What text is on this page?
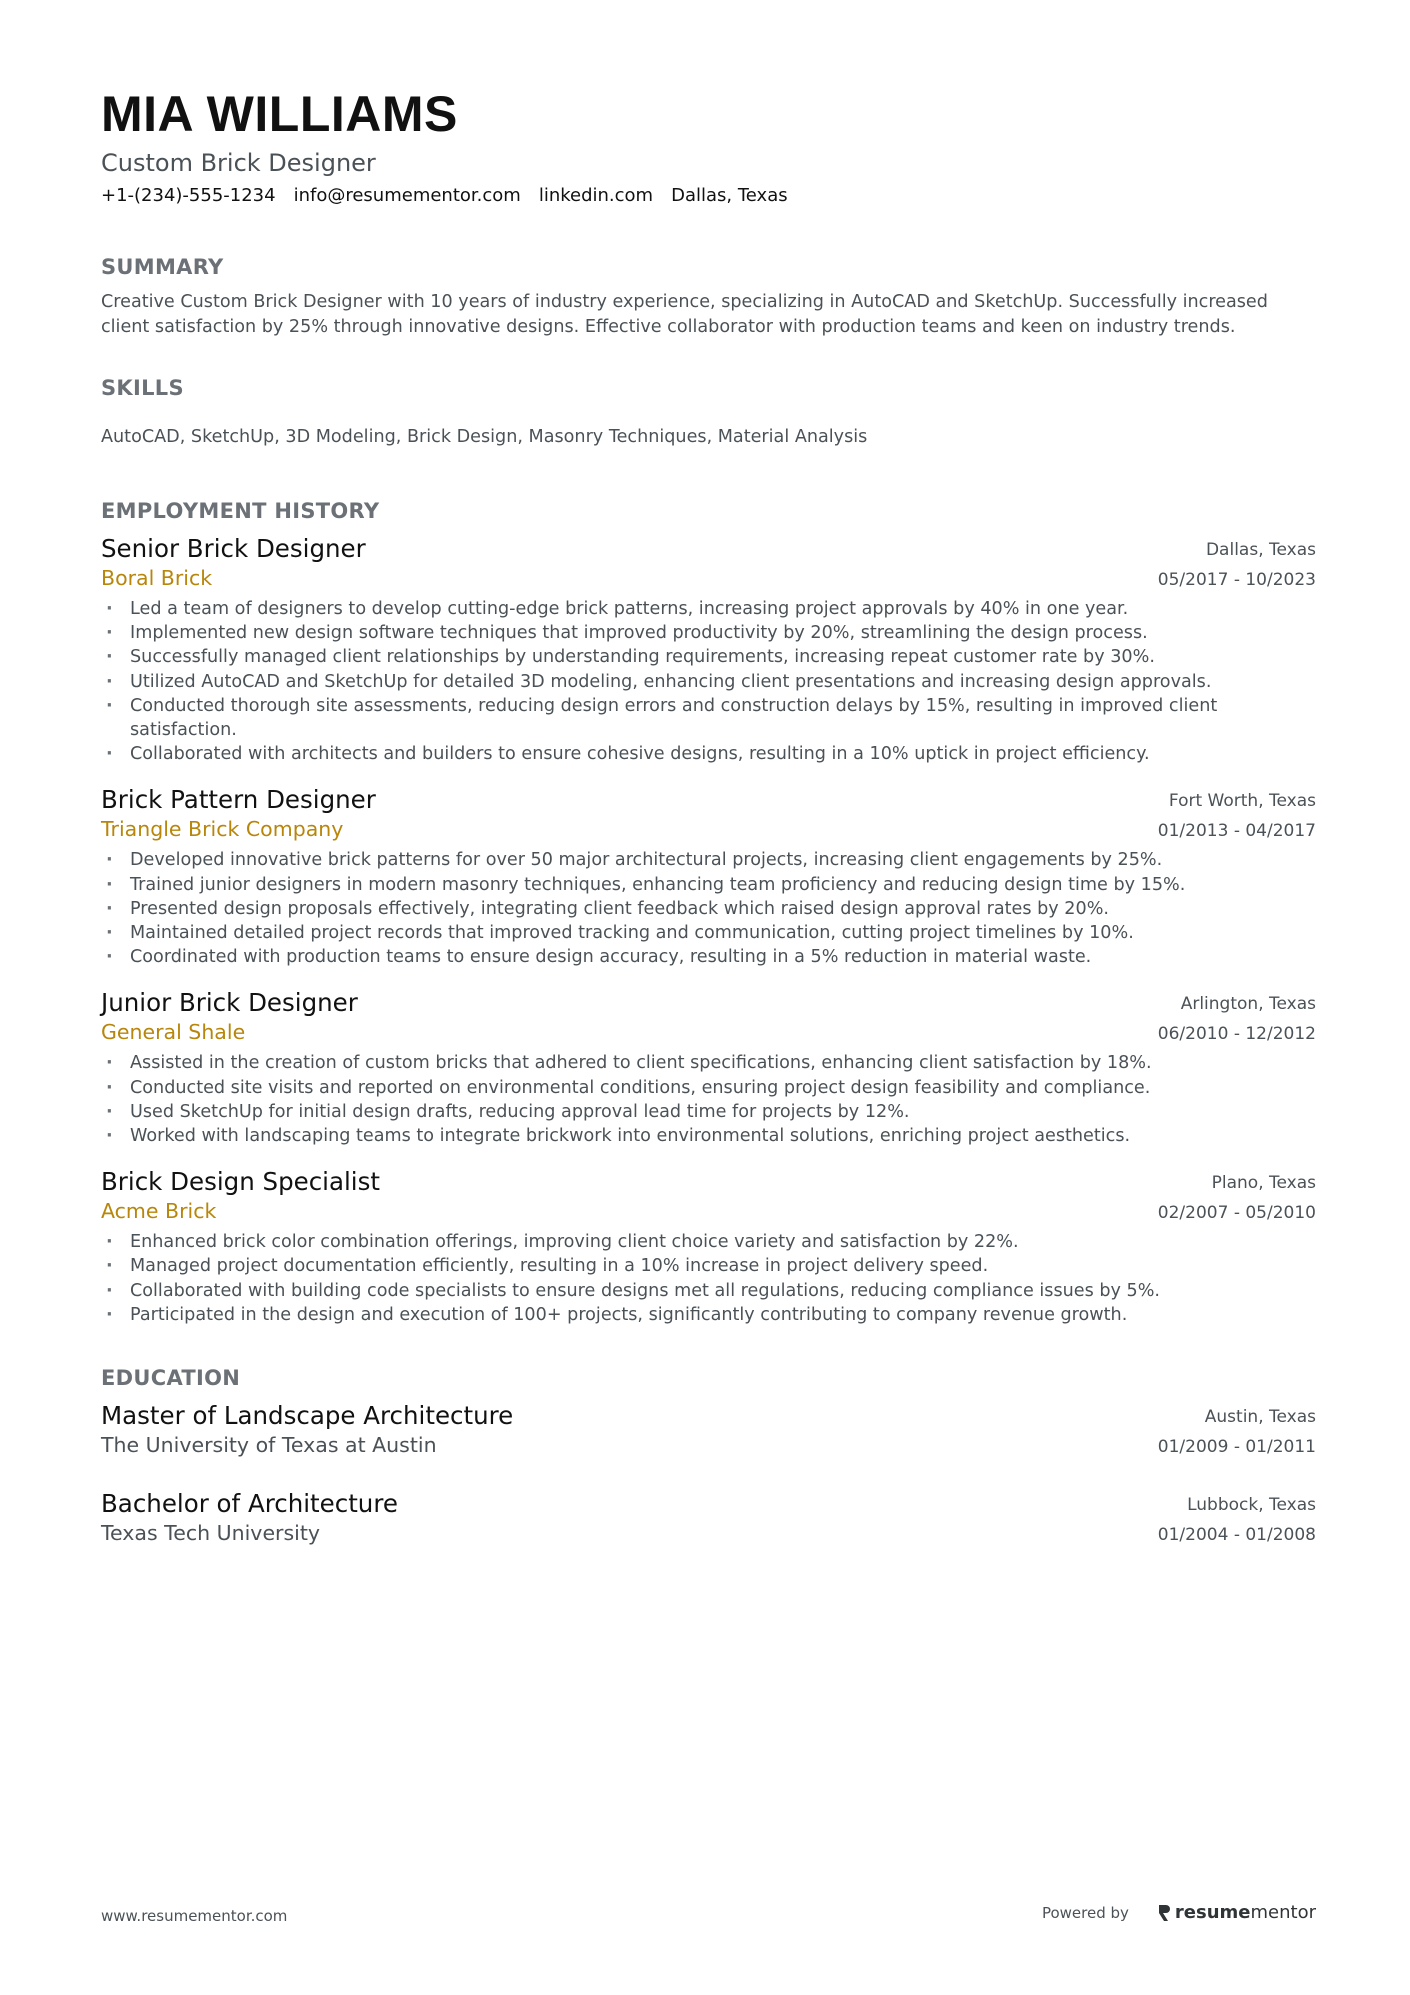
MIA WILLIAMS
Custom Brick Designer
+1-(234)-555-1234 info@resumementor.com linkedin.com Dallas, Texas
SUMMARY
Creative Custom Brick Designer with 10 years of industry experience, specializing in AutoCAD and SketchUp. Successfully increased client satisfaction by 25% through innovative designs. Effective collaborator with production teams and keen on industry trends.
SKILLS
AutoCAD, SketchUp, 3D Modeling, Brick Design, Masonry Techniques, Material Analysis
EMPLOYMENT HISTORY
Senior Brick Designer
Boral Brick
Dallas, Texas
05/2017 - 10/2023
· Led a team of designers to develop cutting-edge brick patterns, increasing project approvals by 40% in one year.
· Implemented new design software techniques that improved productivity by 20%, streamlining the design process.
· Successfully managed client relationships by understanding requirements, increasing repeat customer rate by 30%.
· Utilized AutoCAD and SketchUp for detailed 3D modeling, enhancing client presentations and increasing design approvals.
· Conducted thorough site assessments, reducing design errors and construction delays by 15%, resulting in improved client satisfaction.
· Collaborated with architects and builders to ensure cohesive designs, resulting in a 10% uptick in project efficiency.
Brick Pattern Designer
Triangle Brick Company
Fort Worth, Texas
01/2013 - 04/2017
· Developed innovative brick patterns for over 50 major architectural projects, increasing client engagements by 25%.
· Trained junior designers in modern masonry techniques, enhancing team proficiency and reducing design time by 15%.
· Presented design proposals effectively, integrating client feedback which raised design approval rates by 20%.
· Maintained detailed project records that improved tracking and communication, cutting project timelines by 10%.
· Coordinated with production teams to ensure design accuracy, resulting in a 5% reduction in material waste.
Junior Brick Designer
General Shale
Arlington, Texas
06/2010 - 12/2012
· Assisted in the creation of custom bricks that adhered to client specifications, enhancing client satisfaction by 18%.
· Conducted site visits and reported on environmental conditions, ensuring project design feasibility and compliance.
· Used SketchUp for initial design drafts, reducing approval lead time for projects by 12%.
· Worked with landscaping teams to integrate brickwork into environmental solutions, enriching project aesthetics.
Brick Design Specialist
Acme Brick
Plano, Texas
02/2007 - 05/2010
· Enhanced brick color combination offerings, improving client choice variety and satisfaction by 22%.
· Managed project documentation efficiently, resulting in a 10% increase in project delivery speed.
· Collaborated with building code specialists to ensure designs met all regulations, reducing compliance issues by 5%.
· Participated in the design and execution of 100+ projects, significantly contributing to company revenue growth.
EDUCATION
Master of Landscape Architecture
The University of Texas at Austin
Austin, Texas
01/2009 - 01/2011
Bachelor of Architecture
Texas Tech University
Lubbock, Texas
01/2004 - 01/2008
www.resumementor.com	Powered by	resume mentor
